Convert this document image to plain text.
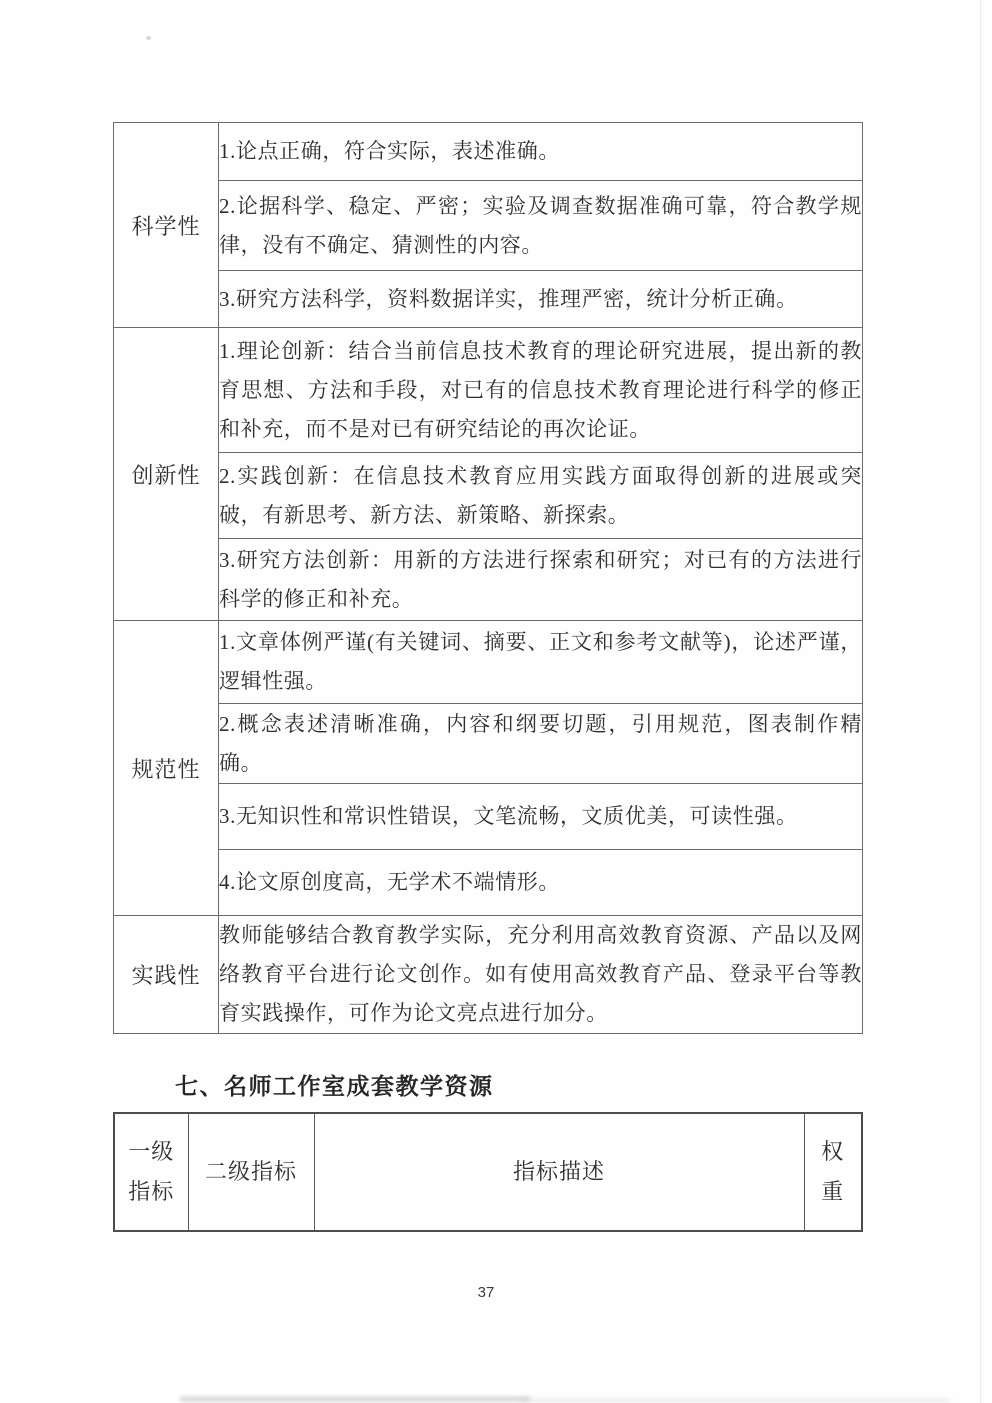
科学性	1.论点正确，符合实际，表述准确。
	2.论据科学、稳定、严密；实验及调查数据准确可靠，符合教学规律，没有不确定、猜测性的内容。
	3.研究方法科学，资料数据详实，推理严密，统计分析正确。
创新性	1.理论创新：结合当前信息技术教育的理论研究进展，提出新的教育思想、方法和手段，对已有的信息技术教育理论进行科学的修正和补充，而不是对已有研究结论的再次论证。
	2.实践创新：在信息技术教育应用实践方面取得创新的进展或突破，有新思考、新方法、新策略、新探索。
	3.研究方法创新：用新的方法进行探索和研究；对已有的方法进行科学的修正和补充。
规范性	1.文章体例严谨(有关键词、摘要、正文和参考文献等)，论述严谨，逻辑性强。
	2.概念表述清晰准确，内容和纲要切题，引用规范，图表制作精确。
	3.无知识性和常识性错误，文笔流畅，文质优美，可读性强。
	4.论文原创度高，无学术不端情形。
实践性	教师能够结合教育教学实际，充分利用高效教育资源、产品以及网络教育平台进行论文创作。如有使用高效教育产品、登录平台等教育实践操作，可作为论文亮点进行加分。
七、名师工作室成套教学资源
一级指标	二级指标	指标描述	权重
37
